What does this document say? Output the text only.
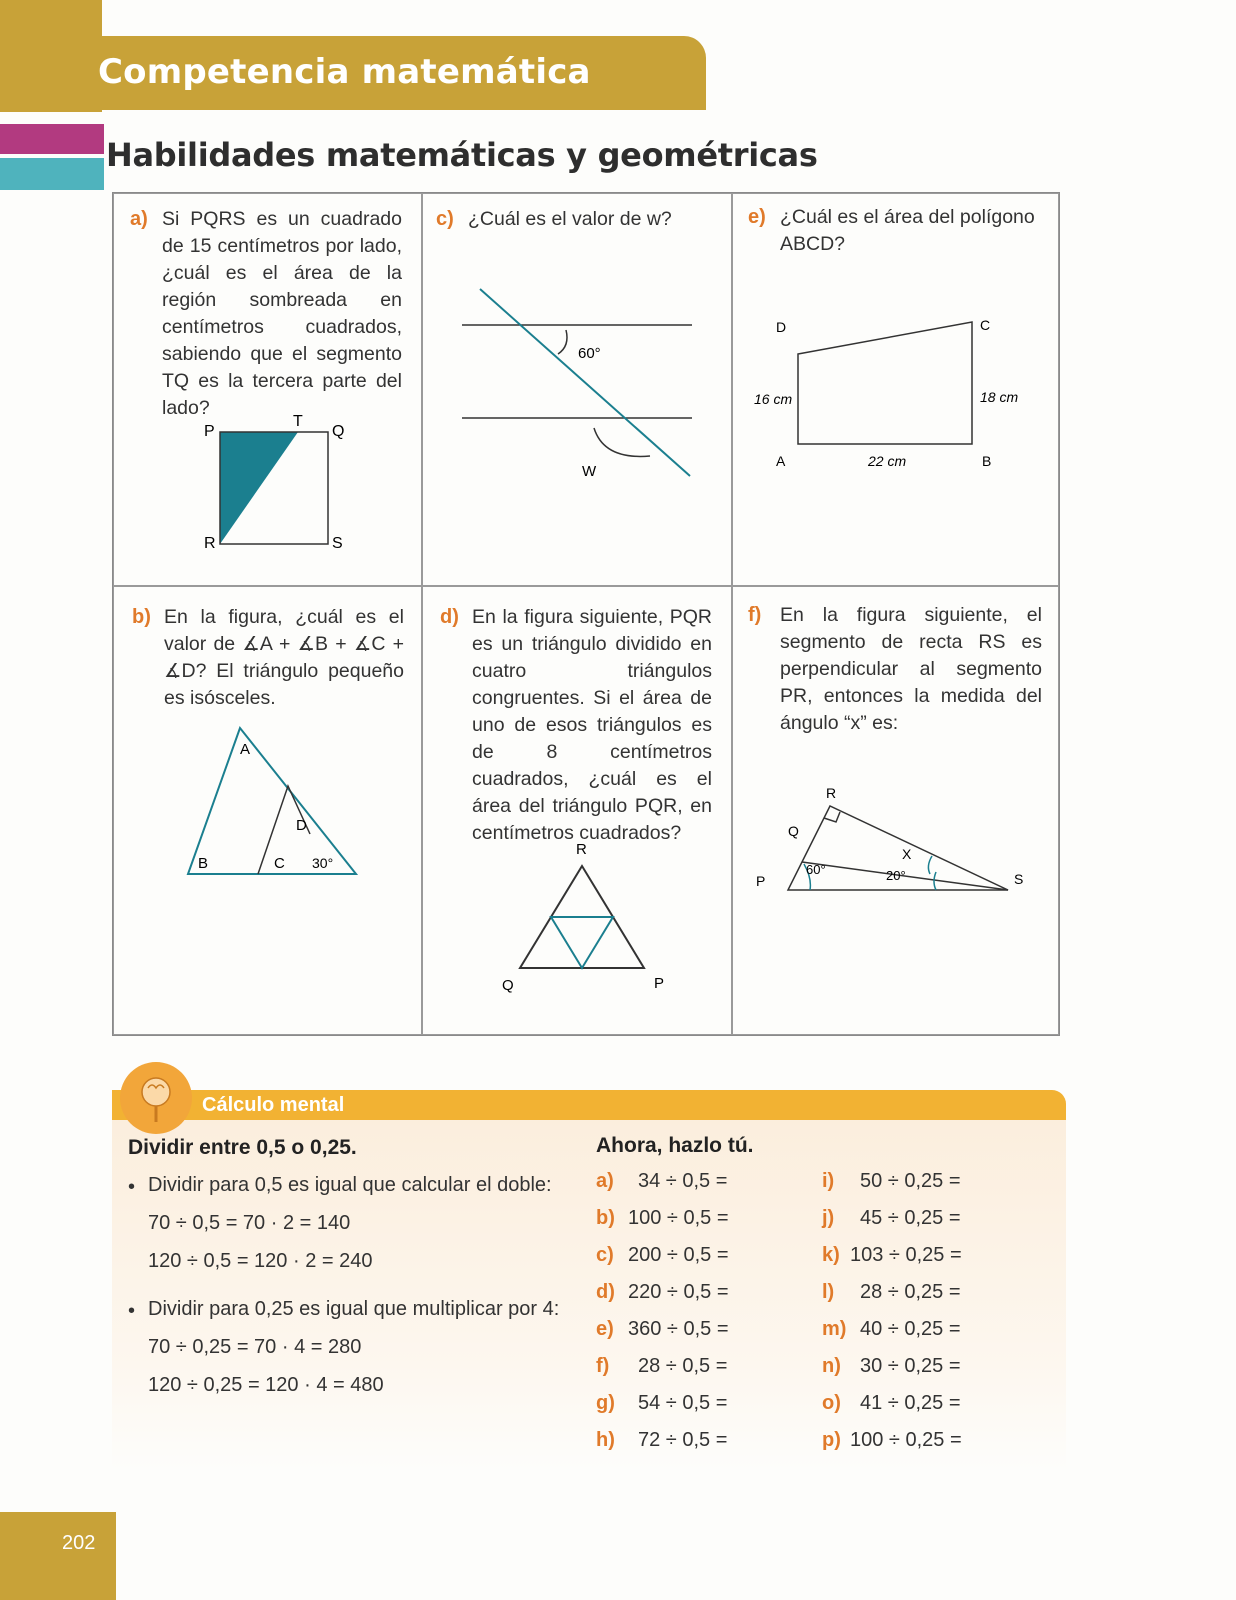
Competencia matemática
Habilidades matemáticas y geométricas
a) Si PQRS es un cuadrado de 15 centímetros por lado, ¿cuál es el área de la región sombreada en centímetros cuadrados, sabiendo que el segmento TQ es la tercera parte del lado?
P
T
Q
R	S
c) ¿Cuál es el valor de w?
60°
W
e) ¿Cuál es el área del polígono ABCD?
D	C
16 cm	18 cm
A	22 cm	B
b) En la figura, ¿cuál es el valor de ∡A + ∡B + ∡C + ∡D? El triángulo pequeño es isósceles.
A
B	C
D
30°
d) En la figura siguiente, PQR es un triángulo dividido en cuatro triángulos congruentes. Si el área de uno de esos triángulos es de 8 centímetros cuadrados, ¿cuál es el área del triángulo PQR, en centímetros cuadrados?
R
Q	P
f) En la figura siguiente, el segmento de recta RS es perpendicular al segmento PR, entonces la medida del ángulo “x” es:
R
Q
P	S
X
60°	20°
Cálculo mental
Dividir entre 0,5 o 0,25.
• Dividir para 0,5 es igual que calcular el doble:
70 ÷ 0,5 = 70 · 2 = 140
120 ÷ 0,5 = 120 · 2 = 240
• Dividir para 0,25 es igual que multiplicar por 4:
70 ÷ 0,25 = 70 · 4 = 280
120 ÷ 0,25 = 120 · 4 = 480
Ahora, hazlo tú.
a) 34 ÷ 0,5 =
b) 100 ÷ 0,5 =
c) 200 ÷ 0,5 =
d) 220 ÷ 0,5 =
e) 360 ÷ 0,5 =
f) 28 ÷ 0,5 =
g) 54 ÷ 0,5 =
h) 72 ÷ 0,5 =
i) 50 ÷ 0,25 =
j) 45 ÷ 0,25 =
k) 103 ÷ 0,25 =
l) 28 ÷ 0,25 =
m) 40 ÷ 0,25 =
n) 30 ÷ 0,25 =
o) 41 ÷ 0,25 =
p) 100 ÷ 0,25 =
202
